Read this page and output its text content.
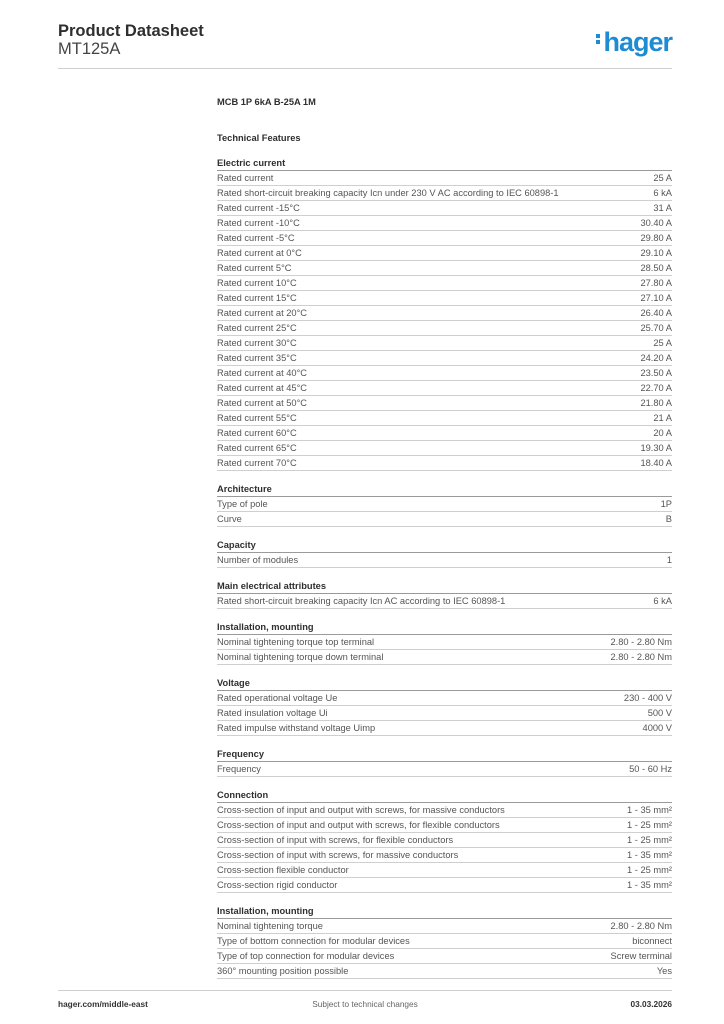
Product Datasheet
MT125A	hager
MCB 1P 6kA B-25A 1M
Technical Features
Electric current
Rated current	25 A
Rated short-circuit breaking capacity Icn under 230 V AC according to IEC 60898-1	6 kA
Rated current -15°C	31 A
Rated current -10°C	30.40 A
Rated current -5°C	29.80 A
Rated current at 0°C	29.10 A
Rated current 5°C	28.50 A
Rated current 10°C	27.80 A
Rated current 15°C	27.10 A
Rated current at 20°C	26.40 A
Rated current 25°C	25.70 A
Rated current 30°C	25 A
Rated current 35°C	24.20 A
Rated current at 40°C	23.50 A
Rated current at 45°C	22.70 A
Rated current at 50°C	21.80 A
Rated current 55°C	21 A
Rated current 60°C	20 A
Rated current 65°C	19.30 A
Rated current 70°C	18.40 A
Architecture
Type of pole	1P
Curve	B
Capacity
Number of modules	1
Main electrical attributes
Rated short-circuit breaking capacity Icn AC according to IEC 60898-1	6 kA
Installation, mounting
Nominal tightening torque top terminal	2.80 - 2.80 Nm
Nominal tightening torque down terminal	2.80 - 2.80 Nm
Voltage
Rated operational voltage Ue	230 - 400 V
Rated insulation voltage Ui	500 V
Rated impulse withstand voltage Uimp	4000 V
Frequency
Frequency	50 - 60 Hz
Connection
Cross-section of input and output with screws, for massive conductors	1 - 35 mm²
Cross-section of input and output with screws, for flexible conductors	1 - 25 mm²
Cross-section of input with screws, for flexible conductors	1 - 25 mm²
Cross-section of input with screws, for massive conductors	1 - 35 mm²
Cross-section flexible conductor	1 - 25 mm²
Cross-section rigid conductor	1 - 35 mm²
Installation, mounting
Nominal tightening torque	2.80 - 2.80 Nm
Type of bottom connection for modular devices	biconnect
Type of top connection for modular devices	Screw terminal
360° mounting position possible	Yes
hager.com/middle-east	Subject to technical changes	03.03.2026
